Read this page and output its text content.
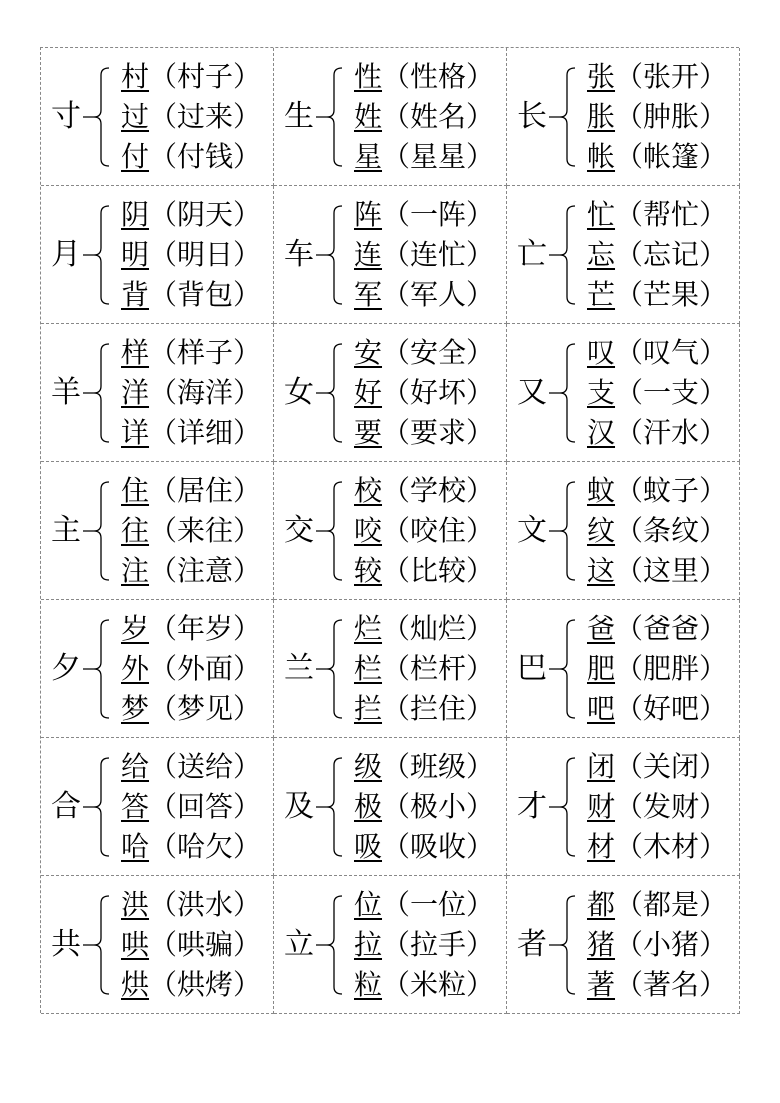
寸
村（村子）
过（过来）
付（付钱）
生
性（性格）
姓（姓名）
星（星星）
长
张（张开）
胀（肿胀）
帐（帐篷）
月
阴（阴天）
明（明日）
背（背包）
车
阵（一阵）
连（连忙）
军（军人）
亡
忙（帮忙）
忘（忘记）
芒（芒果）
羊
样（样子）
洋（海洋）
详（详细）
女
安（安全）
好（好坏）
要（要求）
又
叹（叹气）
支（一支）
汉（汗水）
主
住（居住）
往（来往）
注（注意）
交
校（学校）
咬（咬住）
较（比较）
文
蚊（蚊子）
纹（条纹）
这（这里）
夕
岁（年岁）
外（外面）
梦（梦见）
兰
烂（灿烂）
栏（栏杆）
拦（拦住）
巴
爸（爸爸）
肥（肥胖）
吧（好吧）
合
给（送给）
答（回答）
哈（哈欠）
及
级（班级）
极（极小）
吸（吸收）
才
闭（关闭）
财（发财）
材（木材）
共
洪（洪水）
哄（哄骗）
烘（烘烤）
立
位（一位）
拉（拉手）
粒（米粒）
者
都（都是）
猪（小猪）
著（著名）
